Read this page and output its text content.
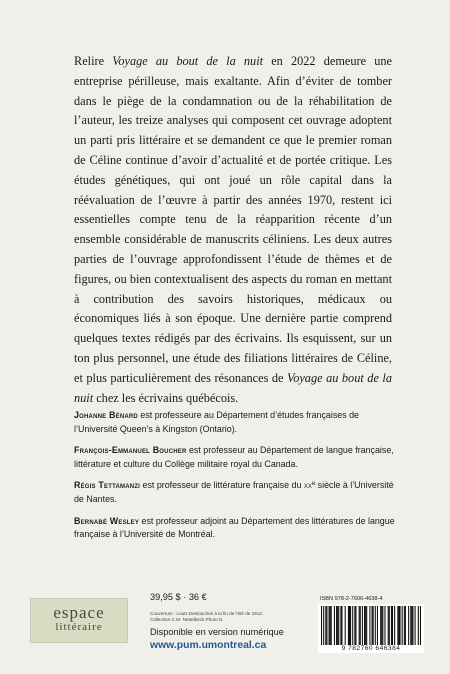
Relire Voyage au bout de la nuit en 2022 demeure une entreprise périlleuse, mais exaltante. Afin d’éviter de tomber dans le piège de la condamnation ou de la réhabilitation de l’auteur, les treize analyses qui composent cet ouvrage adoptent un parti pris littéraire et se demandent ce que le premier roman de Céline continue d’avoir d’actualité et de portée critique. Les études génétiques, qui ont joué un rôle capital dans la réévaluation de l’œuvre à partir des années 1970, restent ici essentielles compte tenu de la réapparition récente d’un ensemble considérable de manuscrits céliniens. Les deux autres parties de l’ouvrage approfondissent l’étude de thèmes et de figures, ou bien contextualisent des aspects du roman en mettant à contribution des savoirs historiques, médicaux ou économiques liés à son époque. Une dernière partie comprend quelques textes rédigés par des écrivains. Ils esquissent, sur un ton plus personnel, une étude des filiations littéraires de Céline, et plus particulièrement des résonances de Voyage au bout de la nuit chez les écrivains québécois.

Johanne Bénard est professeure au Département d’études françaises de l’Université Queen’s à Kingston (Ontario).

François-Emmanuel Boucher est professeur au Département de langue française, littérature et culture du Collège militaire royal du Canada.

Régis Tettamanzi est professeur de littérature française du $xx^e$ siècle à l’Université de Nantes.

Bernabé Wesley est professeur adjoint au Département des littératures de langue française à l’Université de Montréal.

39,95 $ · 36 €
espace
littéraire
Couverture : Louis Destouches à la fin de l’été de 1912.
Collection C.W. Nettelbeck Photo N.
Disponible en version numérique
www.pum.umontreal.ca
ISBN 978-2-7606-4638-4
9 782760 646384
